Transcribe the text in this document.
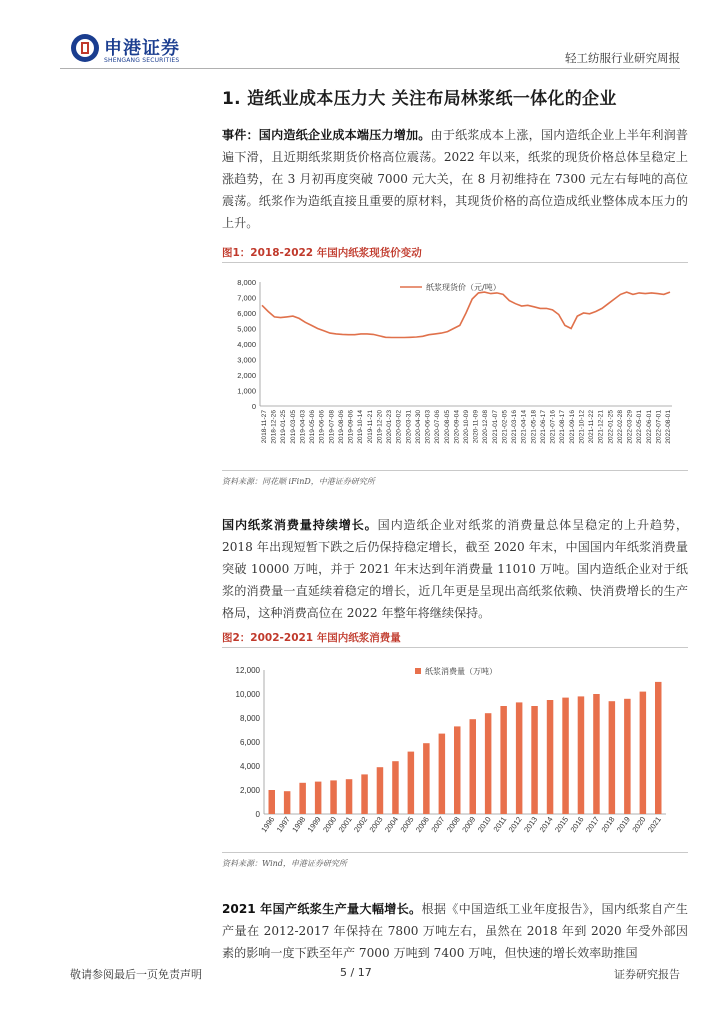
申港证券
SHENGANG SECURITIES	轻工纺服行业研究周报
1. 造纸业成本压力大 关注布局林浆纸一体化的企业
事件：国内造纸企业成本端压力增加。由于纸浆成本上涨，国内造纸企业上半年利润普遍下滑，且近期纸浆期货价格高位震荡。2022 年以来，纸浆的现货价格总体呈稳定上涨趋势，在 3 月初再度突破 7000 元大关，在 8 月初维持在 7300 元左右每吨的高位震荡。纸浆作为造纸直接且重要的原材料，其现货价格的高位造成纸业整体成本压力的上升。
图1：2018-2022 年国内纸浆现货价变动
0
1,000
2,000
3,000
4,000
5,000
6,000
7,000
8,000
2018-11-27 2018-12-26 2019-01-25 2019-03-05 2019-04-03 2019-05-06 2019-06-06 2019-07-08 2019-08-06 2019-09-06 2019-10-14 2019-11-21 2019-12-20 2020-01-23 2020-03-02 2020-03-31 2020-04-30 2020-06-03 2020-07-06 2020-08-05 2020-09-04 2020-10-09 2020-11-09 2020-12-08 2021-01-07 2021-02-05 2021-03-16 2021-04-14 2021-05-18 2021-06-17 2021-07-16 2021-08-17 2021-09-16 2021-10-12 2021-11-22 2021-12-21 2022-01-25 2022-02-28 2022-03-29 2022-05-01 2022-06-01 2022-07-01 2022-08-01
纸浆现货价（元/吨）
资料来源：同花顺 iFinD，中港证券研究所
国内纸浆消费量持续增长。国内造纸企业对纸浆的消费量总体呈稳定的上升趋势，2018 年出现短暂下跌之后仍保持稳定增长，截至 2020 年末，中国国内年纸浆消费量突破 10000 万吨，并于 2021 年末达到年消费量 11010 万吨。国内造纸企业对于纸浆的消费量一直延续着稳定的增长，近几年更是呈现出高纸浆依赖、快消费增长的生产格局，这种消费高位在 2022 年整年将继续保持。
图2：2002-2021 年国内纸浆消费量
0
2,000
4,000
6,000
8,000
10,000
12,000
1996
1997
1998
1999
2000
2001
2002
2003
2004
2005
2006
2007
2008
2009
2010
2011
2012
2013
2014
2015
2016
2017
2018
2019
2020
2021
纸浆消费量（万吨）
资料来源：Wind，申港证券研究所
2021 年国产纸浆生产量大幅增长。根据《中国造纸工业年度报告》，国内纸浆自产生产量在 2012-2017 年保持在 7800 万吨左右，虽然在 2018 年到 2020 年受外部因素的影响一度下跌至年产 7000 万吨到 7400 万吨，但快速的增长效率助推国
敬请参阅最后一页免责声明	5 / 17	证券研究报告
